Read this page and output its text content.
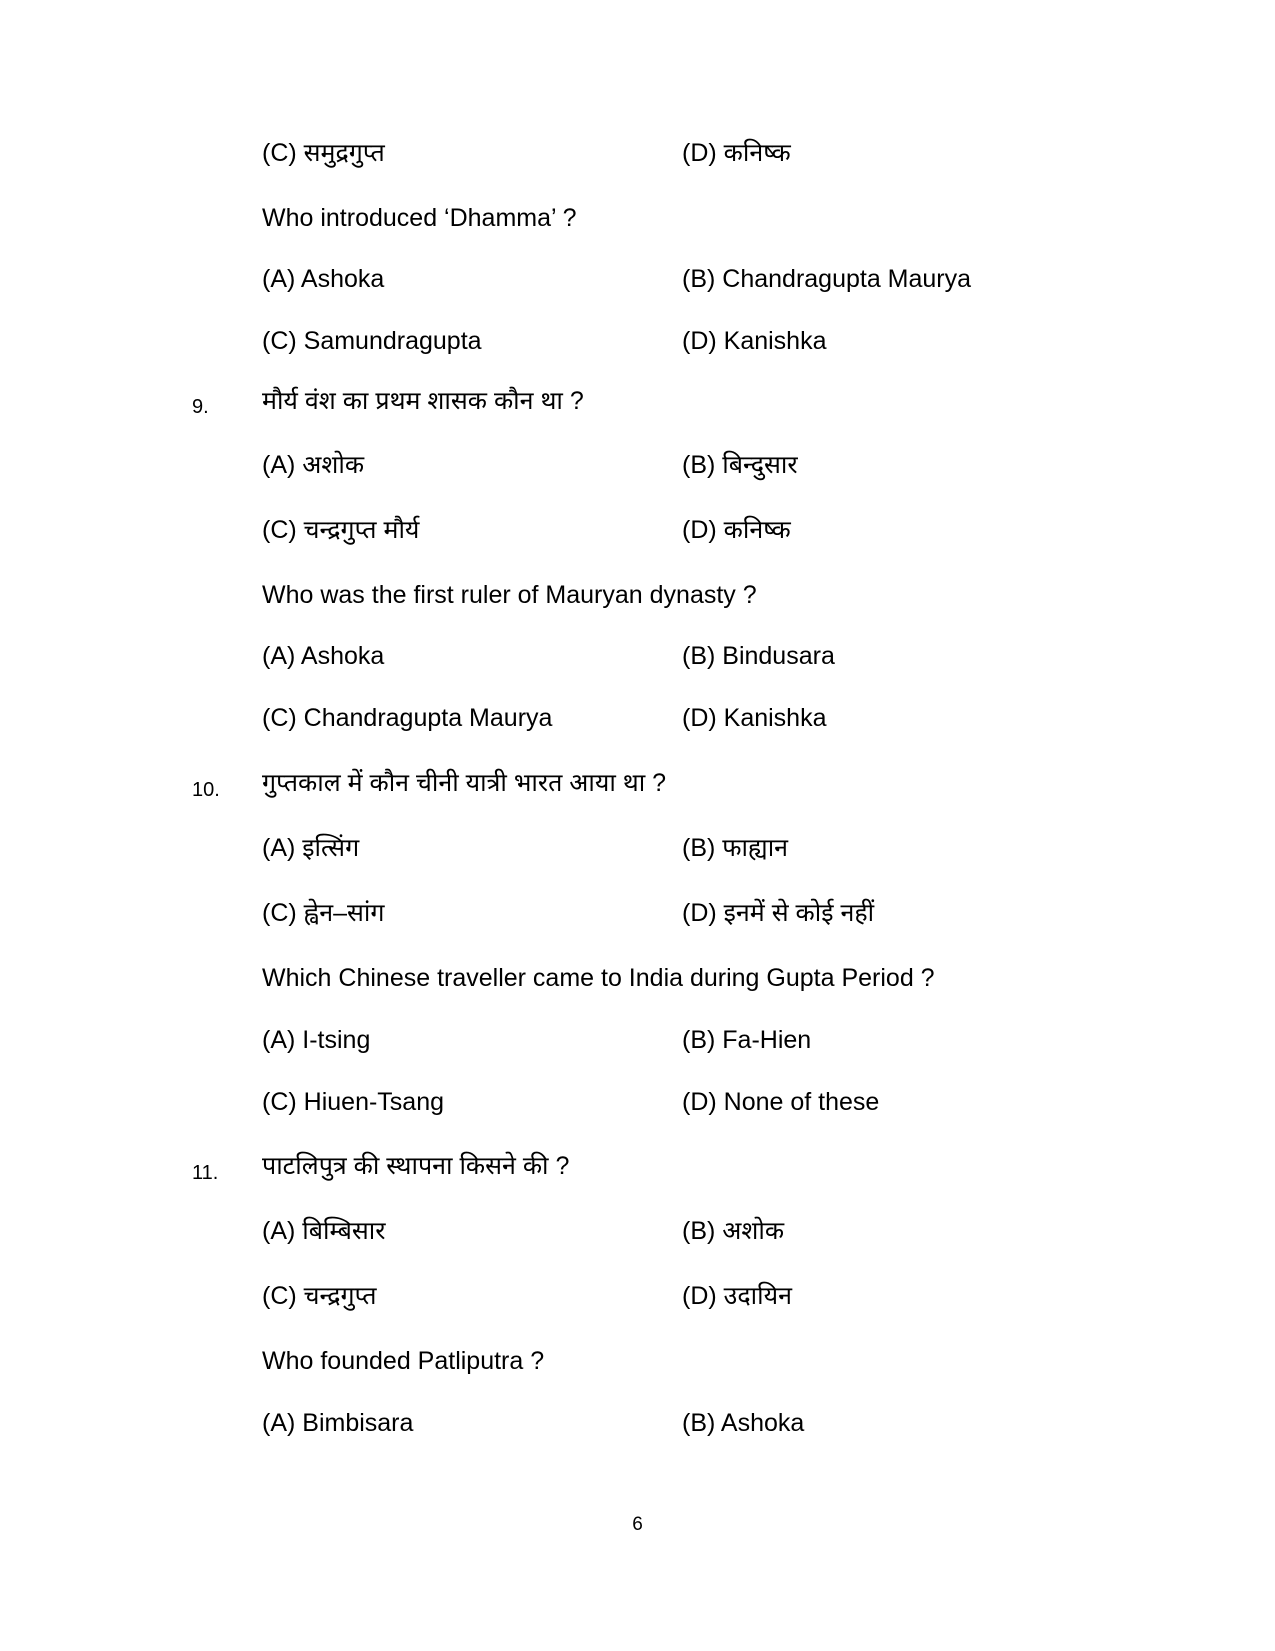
(C) समुद्रगुप्त	(D) कनिष्क
Who introduced ‘Dhamma’ ?
(A) Ashoka	(B) Chandragupta Maurya
(C) Samundragupta	(D) Kanishka
9. मौर्य वंश का प्रथम शासक कौन था ?
(A) अशोक	(B) बिन्दुसार
(C) चन्द्रगुप्त मौर्य	(D) कनिष्क
Who was the first ruler of Mauryan dynasty ?
(A) Ashoka	(B) Bindusara
(C) Chandragupta Maurya	(D) Kanishka
10. गुप्तकाल में कौन चीनी यात्री भारत आया था ?
(A) इत्सिंग	(B) फाह्यान
(C) ह्वेन–सांग	(D) इनमें से कोई नहीं
Which Chinese traveller came to India during Gupta Period ?
(A) I-tsing	(B) Fa-Hien
(C) Hiuen-Tsang	(D) None of these
11. पाटलिपुत्र की स्थापना किसने की ?
(A) बिम्बिसार	(B) अशोक
(C) चन्द्रगुप्त	(D) उदायिन
Who founded Patliputra ?
(A) Bimbisara	(B) Ashoka
6
